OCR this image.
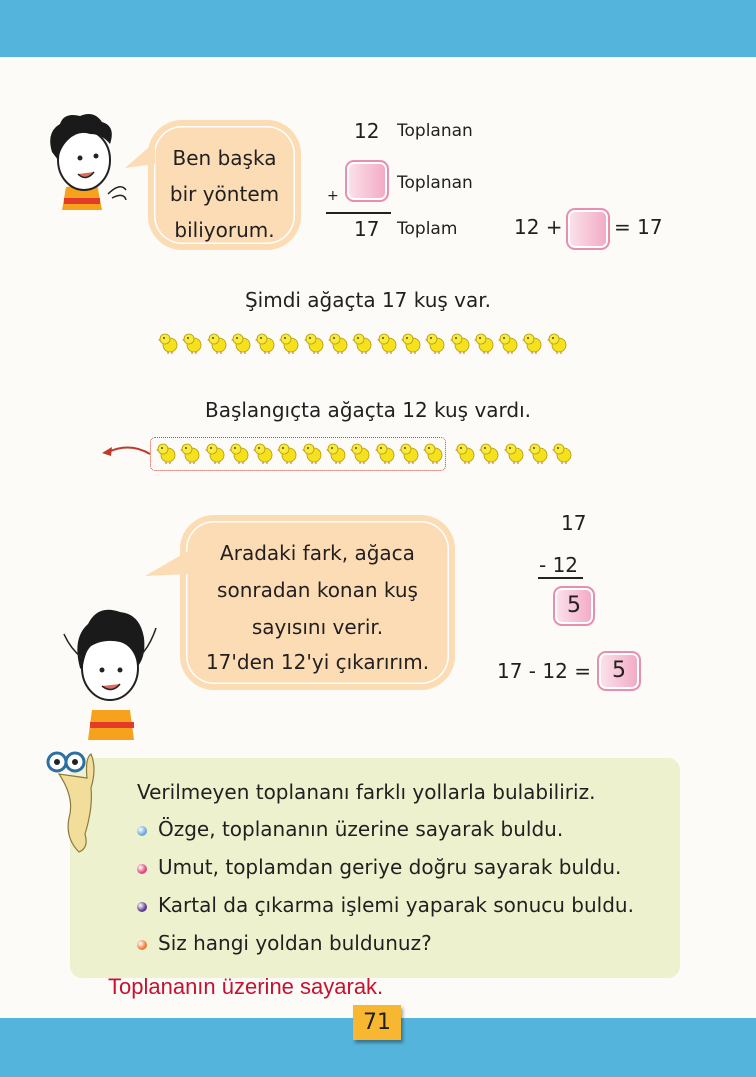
Ben başka
bir yöntem
biliyorum.
12 Toplanan
Toplanan
+
17 Toplam	12 +	= 17
Şimdi ağaçta 17 kuş var.
Başlangıçta ağaçta 12 kuş vardı.
Aradaki fark, ağaca
sonradan konan kuş
sayısını verir.
17'den 12'yi çıkarırım.
17
- 12
5
17 - 12 = 5
Verilmeyen toplananı farklı yollarla bulabiliriz.
Özge, toplananın üzerine sayarak buldu.
Umut, toplamdan geriye doğru sayarak buldu.
Kartal da çıkarma işlemi yaparak sonucu buldu.
Siz hangi yoldan buldunuz?
Toplananın üzerine sayarak.
71
